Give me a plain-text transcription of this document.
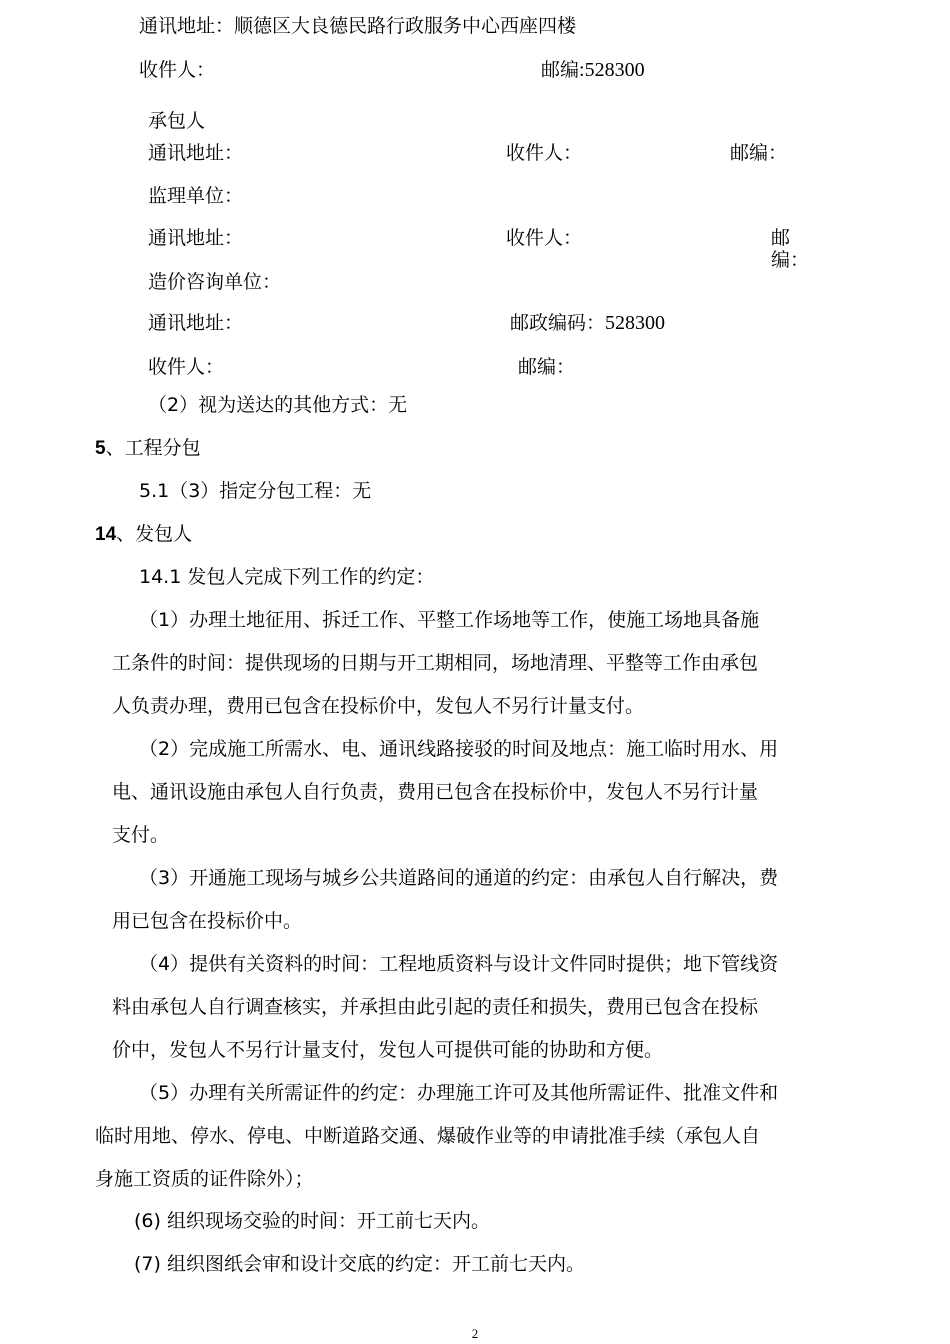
通讯地址：顺德区大良德民路行政服务中心西座四楼
收件人：	邮编:528300
承包人
通讯地址：	收件人：	邮编：
监理单位：
通讯地址：	收件人：	邮编：
造价咨询单位：
通讯地址：	邮政编码：528300
收件人：	邮编：
（2）视为送达的其他方式：无
5、工程分包
5.1（3）指定分包工程：无
14、发包人
14.1 发包人完成下列工作的约定：
（1）办理土地征用、拆迁工作、平整工作场地等工作，使施工场地具备施
工条件的时间：提供现场的日期与开工期相同，场地清理、平整等工作由承包
人负责办理，费用已包含在投标价中，发包人不另行计量支付。
（2）完成施工所需水、电、通讯线路接驳的时间及地点：施工临时用水、用
电、通讯设施由承包人自行负责，费用已包含在投标价中，发包人不另行计量
支付。
（3）开通施工现场与城乡公共道路间的通道的约定：由承包人自行解决，费
用已包含在投标价中。
（4）提供有关资料的时间：工程地质资料与设计文件同时提供；地下管线资
料由承包人自行调查核实，并承担由此引起的责任和损失，费用已包含在投标
价中，发包人不另行计量支付，发包人可提供可能的协助和方便。
（5）办理有关所需证件的约定：办理施工许可及其他所需证件、批准文件和
临时用地、停水、停电、中断道路交通、爆破作业等的申请批准手续（承包人自
身施工资质的证件除外）；
(6) 组织现场交验的时间：开工前七天内。
(7) 组织图纸会审和设计交底的约定：开工前七天内。
2
